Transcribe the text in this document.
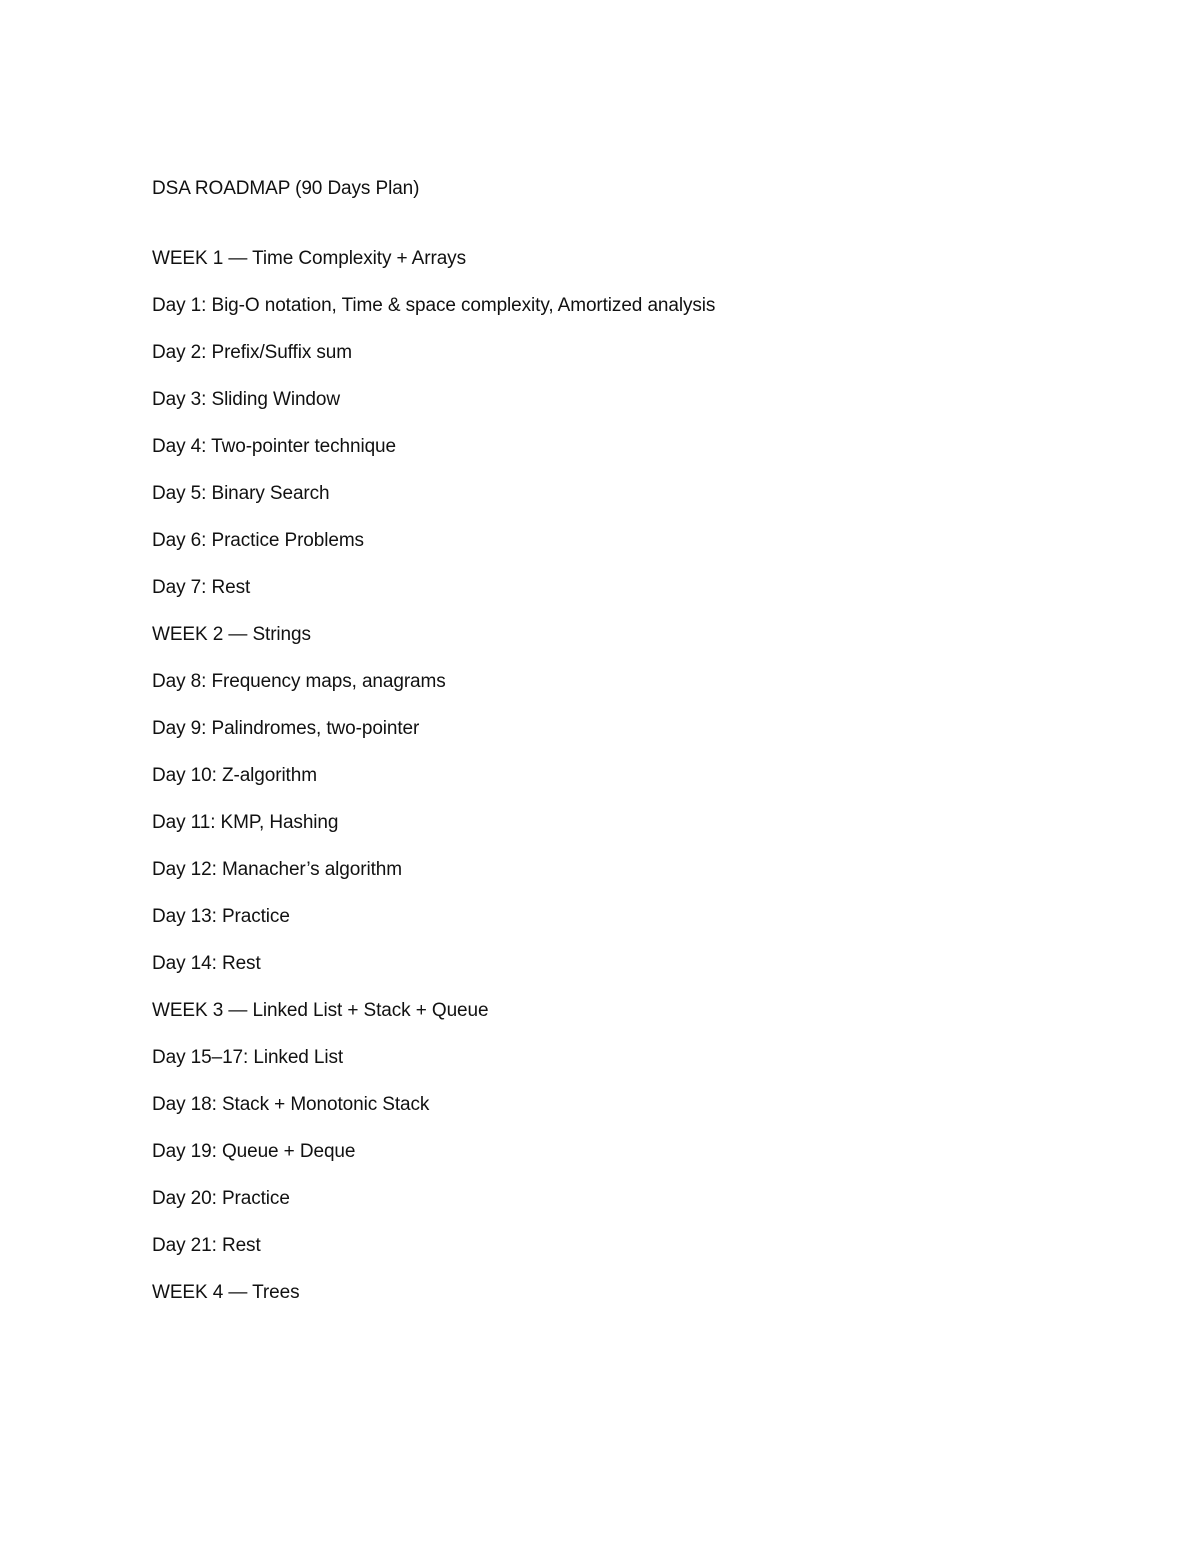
DSA ROADMAP (90 Days Plan)
WEEK 1 — Time Complexity + Arrays
Day 1: Big-O notation, Time & space complexity, Amortized analysis
Day 2: Prefix/Suffix sum
Day 3: Sliding Window
Day 4: Two-pointer technique
Day 5: Binary Search
Day 6: Practice Problems
Day 7: Rest
WEEK 2 — Strings
Day 8: Frequency maps, anagrams
Day 9: Palindromes, two-pointer
Day 10: Z-algorithm
Day 11: KMP, Hashing
Day 12: Manacher’s algorithm
Day 13: Practice
Day 14: Rest
WEEK 3 — Linked List + Stack + Queue
Day 15–17: Linked List
Day 18: Stack + Monotonic Stack
Day 19: Queue + Deque
Day 20: Practice
Day 21: Rest
WEEK 4 — Trees
